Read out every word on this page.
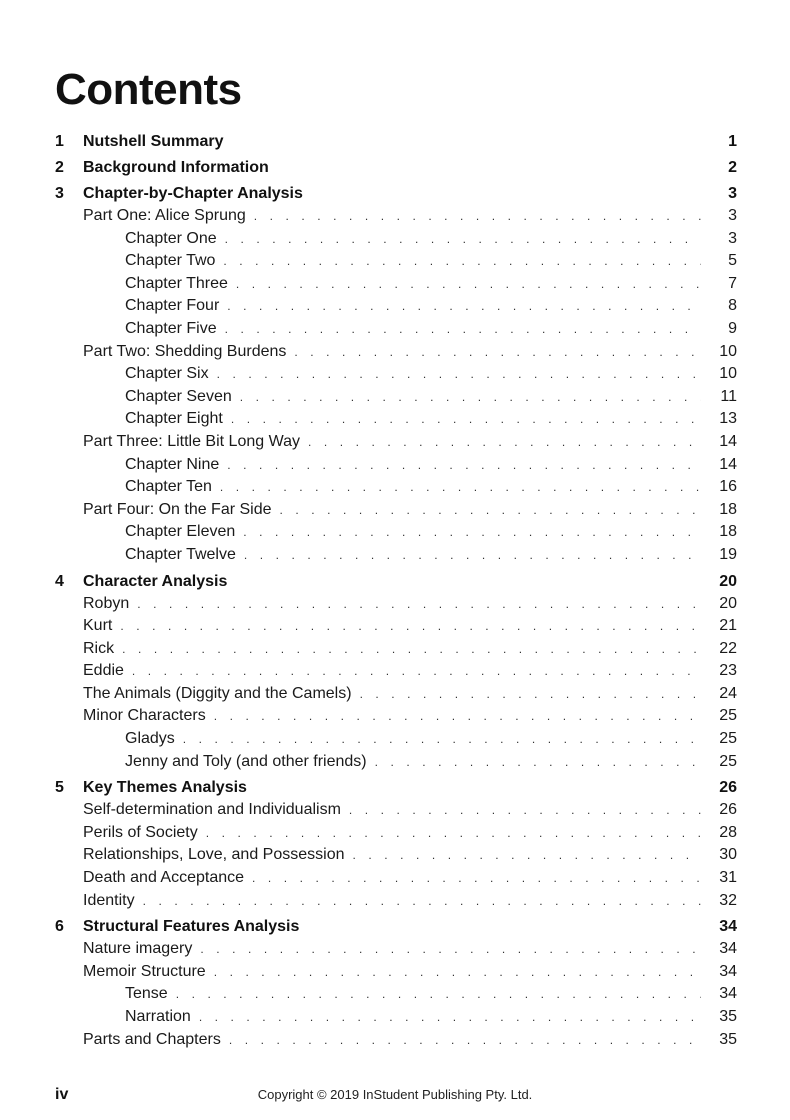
Contents
1	Nutshell Summary	1
2	Background Information	2
3	Chapter-by-Chapter Analysis	3
Part One: Alice Sprung . . .	3
Chapter One . . .	3
Chapter Two . . .	5
Chapter Three . . .	7
Chapter Four . . .	8
Chapter Five . . .	9
Part Two: Shedding Burdens . . .	10
Chapter Six . . .	10
Chapter Seven . . .	11
Chapter Eight . . .	13
Part Three: Little Bit Long Way . . .	14
Chapter Nine . . .	14
Chapter Ten . . .	16
Part Four: On the Far Side . . .	18
Chapter Eleven . . .	18
Chapter Twelve . . .	19
4	Character Analysis	20
Robyn . . .	20
Kurt . . .	21
Rick . . .	22
Eddie . . .	23
The Animals (Diggity and the Camels) . . .	24
Minor Characters . . .	25
Gladys . . .	25
Jenny and Toly (and other friends) . . .	25
5	Key Themes Analysis	26
Self-determination and Individualism . . .	26
Perils of Society . . .	28
Relationships, Love, and Possession . . .	30
Death and Acceptance . . .	31
Identity . . .	32
6	Structural Features Analysis	34
Nature imagery . . .	34
Memoir Structure . . .	34
Tense . . .	34
Narration . . .	35
Parts and Chapters . . .	35
iv	Copyright © 2019 InStudent Publishing Pty. Ltd.
